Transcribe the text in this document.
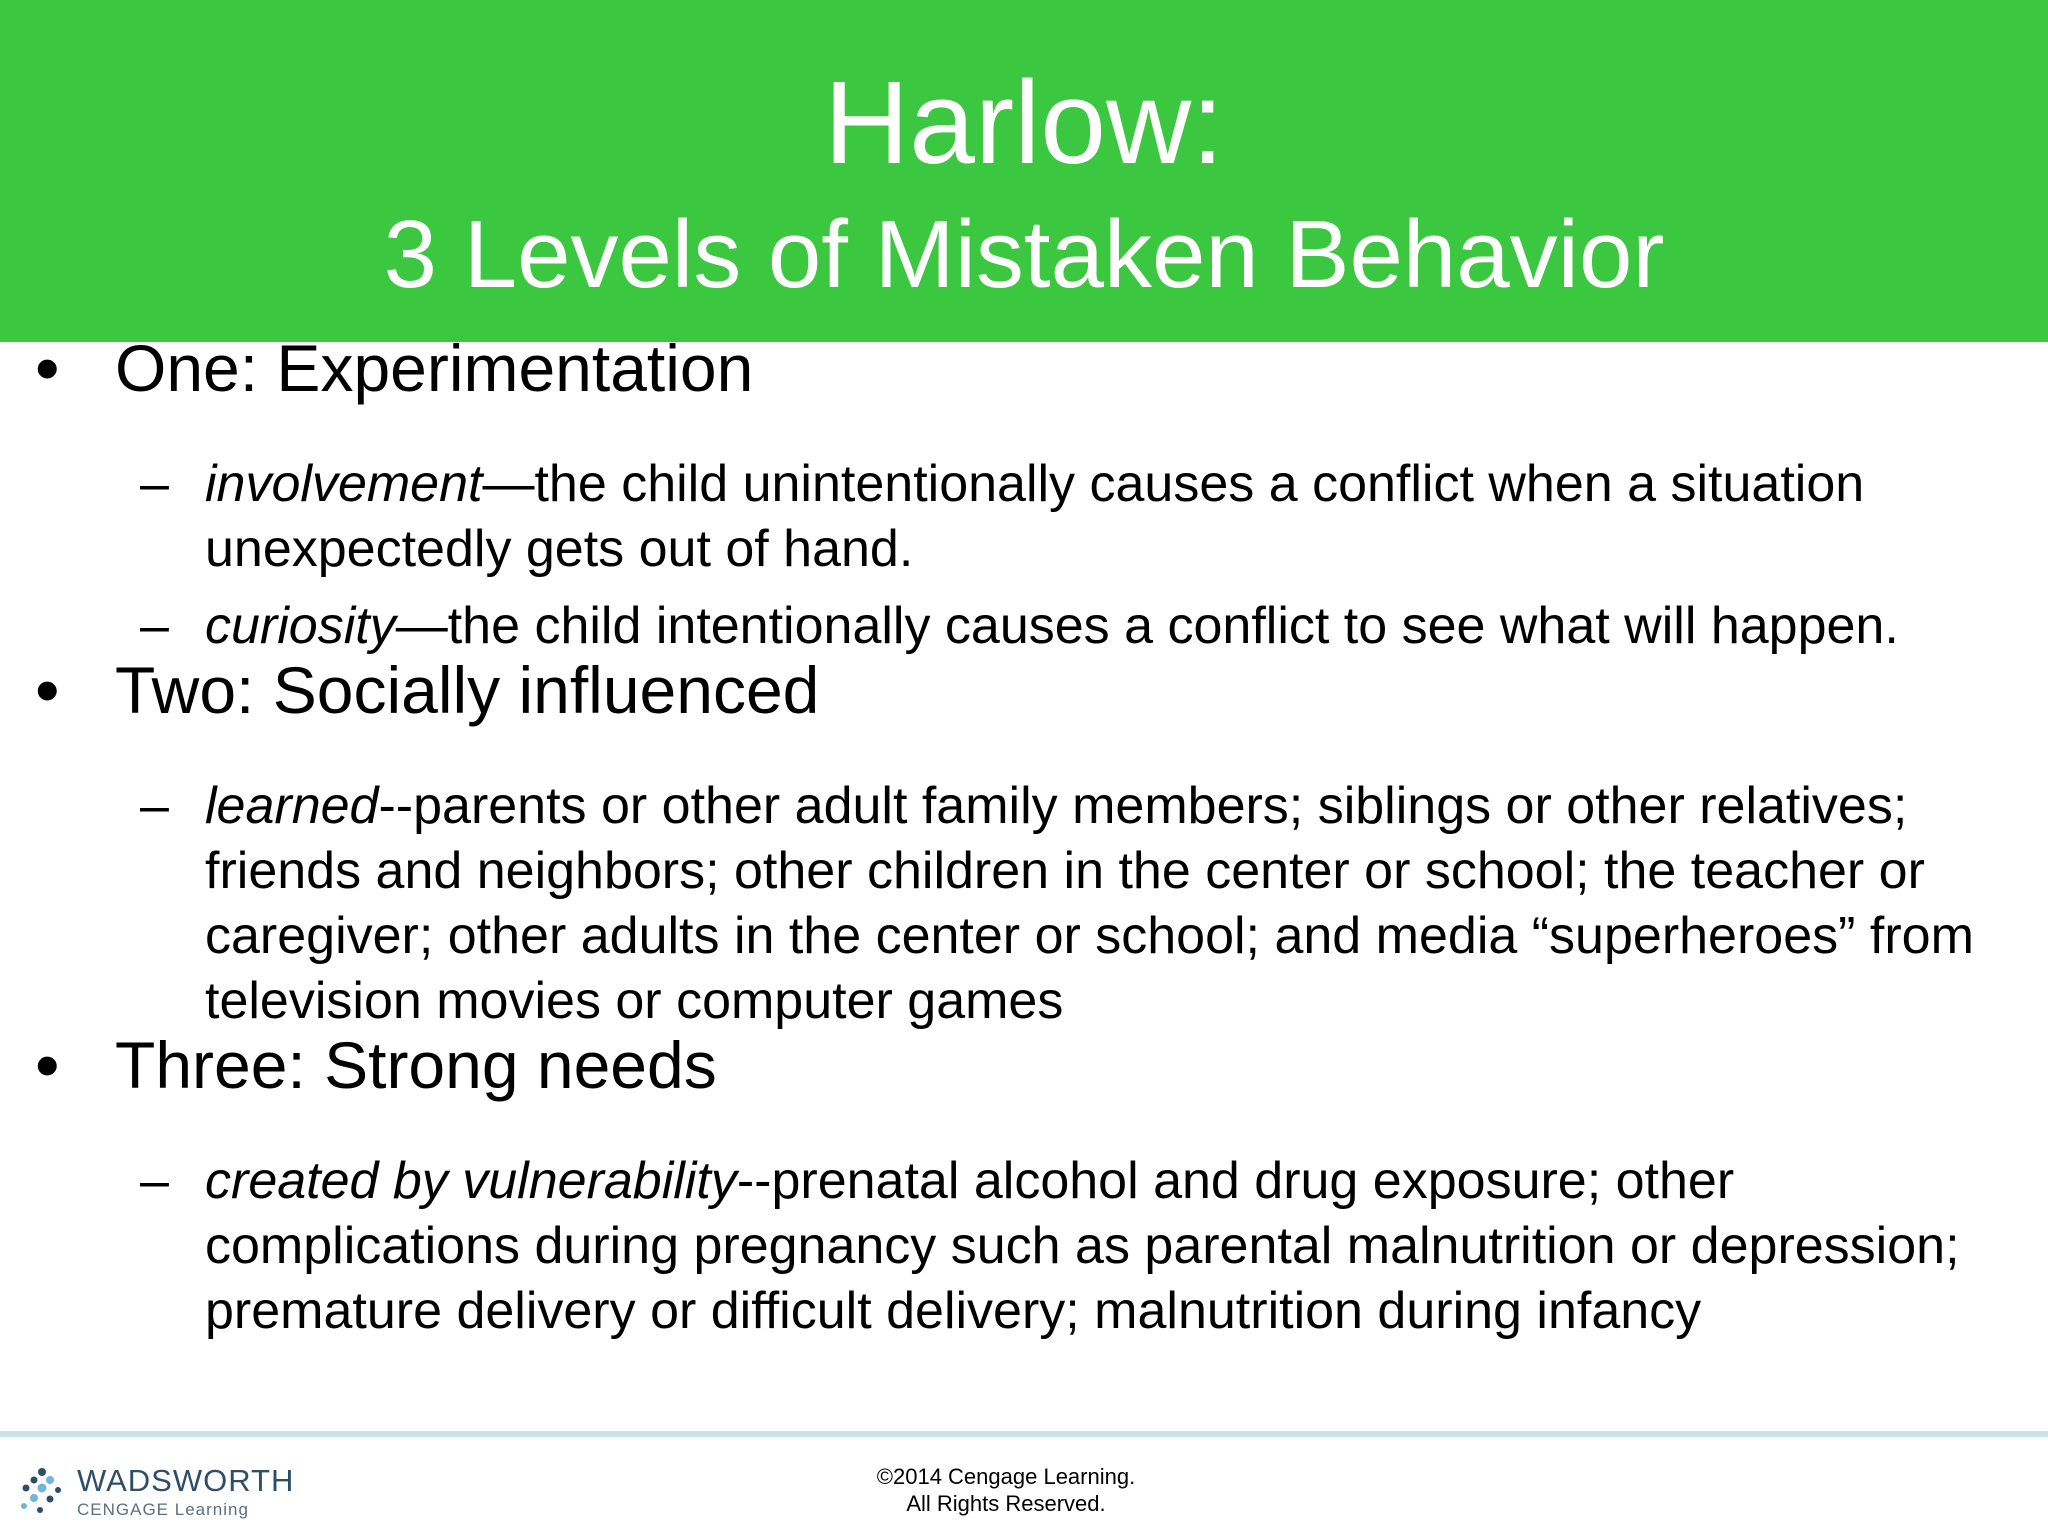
Harlow:
3 Levels of Mistaken Behavior
• One: Experimentation
– involvement—the child unintentionally causes a conflict when a situation unexpectedly gets out of hand.
– curiosity—the child intentionally causes a conflict to see what will happen.
• Two: Socially influenced
– learned--parents or other adult family members; siblings or other relatives; friends and neighbors; other children in the center or school; the teacher or caregiver; other adults in the center or school; and media “superheroes” from television movies or computer games
• Three: Strong needs
– created by vulnerability--prenatal alcohol and drug exposure; other complications during pregnancy such as parental malnutrition or depression; premature delivery or difficult delivery; malnutrition during infancy
WADSWORTH
CENGAGE Learning
©2014 Cengage Learning.
All Rights Reserved.
